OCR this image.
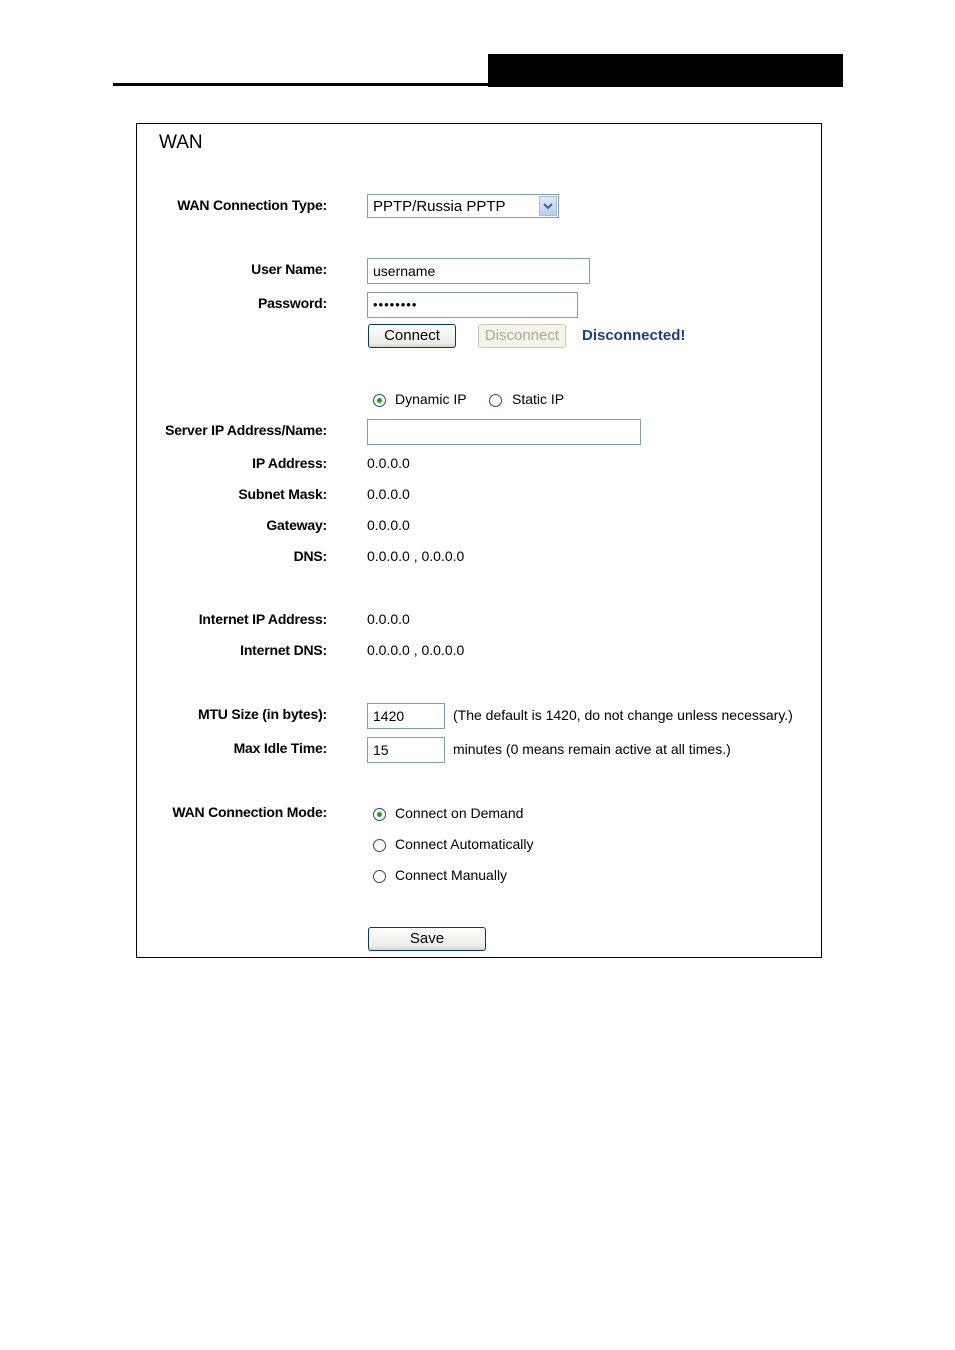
WAN
WAN Connection Type:	PPTP/Russia PPTP
User Name:	username
Password:	••••••••
Connect	Disconnect	Disconnected!
Dynamic IP	Static IP
Server IP Address/Name:
IP Address:	0.0.0.0
Subnet Mask:	0.0.0.0
Gateway:	0.0.0.0
DNS:	0.0.0.0 , 0.0.0.0
Internet IP Address:	0.0.0.0
Internet DNS:	0.0.0.0 , 0.0.0.0
MTU Size (in bytes):	1420	(The default is 1420, do not change unless necessary.)
Max Idle Time:	15	minutes (0 means remain active at all times.)
WAN Connection Mode:	Connect on Demand
Connect Automatically
Connect Manually
Save
